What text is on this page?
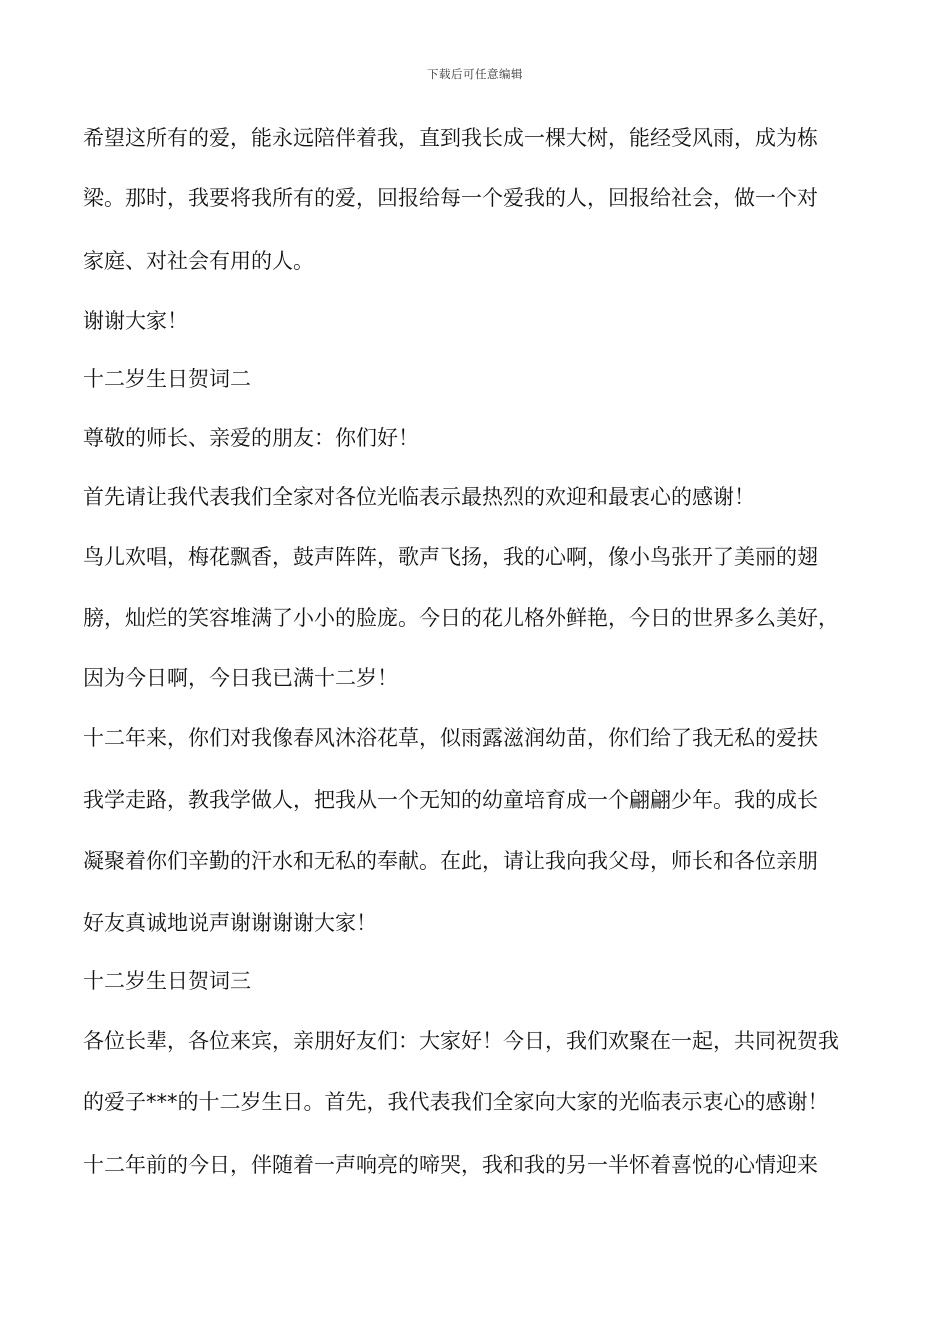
下载后可任意编辑
希望这所有的爱，能永远陪伴着我，直到我长成一棵大树，能经受风雨，成为栋
梁。那时，我要将我所有的爱，回报给每一个爱我的人，回报给社会，做一个对
家庭、对社会有用的人。
谢谢大家！
十二岁生日贺词二
尊敬的师长、亲爱的朋友：你们好！
首先请让我代表我们全家对各位光临表示最热烈的欢迎和最衷心的感谢！
鸟儿欢唱，梅花飘香，鼓声阵阵，歌声飞扬，我的心啊，像小鸟张开了美丽的翅
膀，灿烂的笑容堆满了小小的脸庞。今日的花儿格外鲜艳，今日的世界多么美好，
因为今日啊，今日我已满十二岁！
十二年来，你们对我像春风沐浴花草，似雨露滋润幼苗，你们给了我无私的爱扶
我学走路，教我学做人，把我从一个无知的幼童培育成一个翩翩少年。我的成长
凝聚着你们辛勤的汗水和无私的奉献。在此，请让我向我父母，师长和各位亲朋
好友真诚地说声谢谢谢谢大家！
十二岁生日贺词三
各位长辈，各位来宾，亲朋好友们：大家好！今日，我们欢聚在一起，共同祝贺我
的爱子***的十二岁生日。首先，我代表我们全家向大家的光临表示衷心的感谢！
十二年前的今日，伴随着一声响亮的啼哭，我和我的另一半怀着喜悦的心情迎来
